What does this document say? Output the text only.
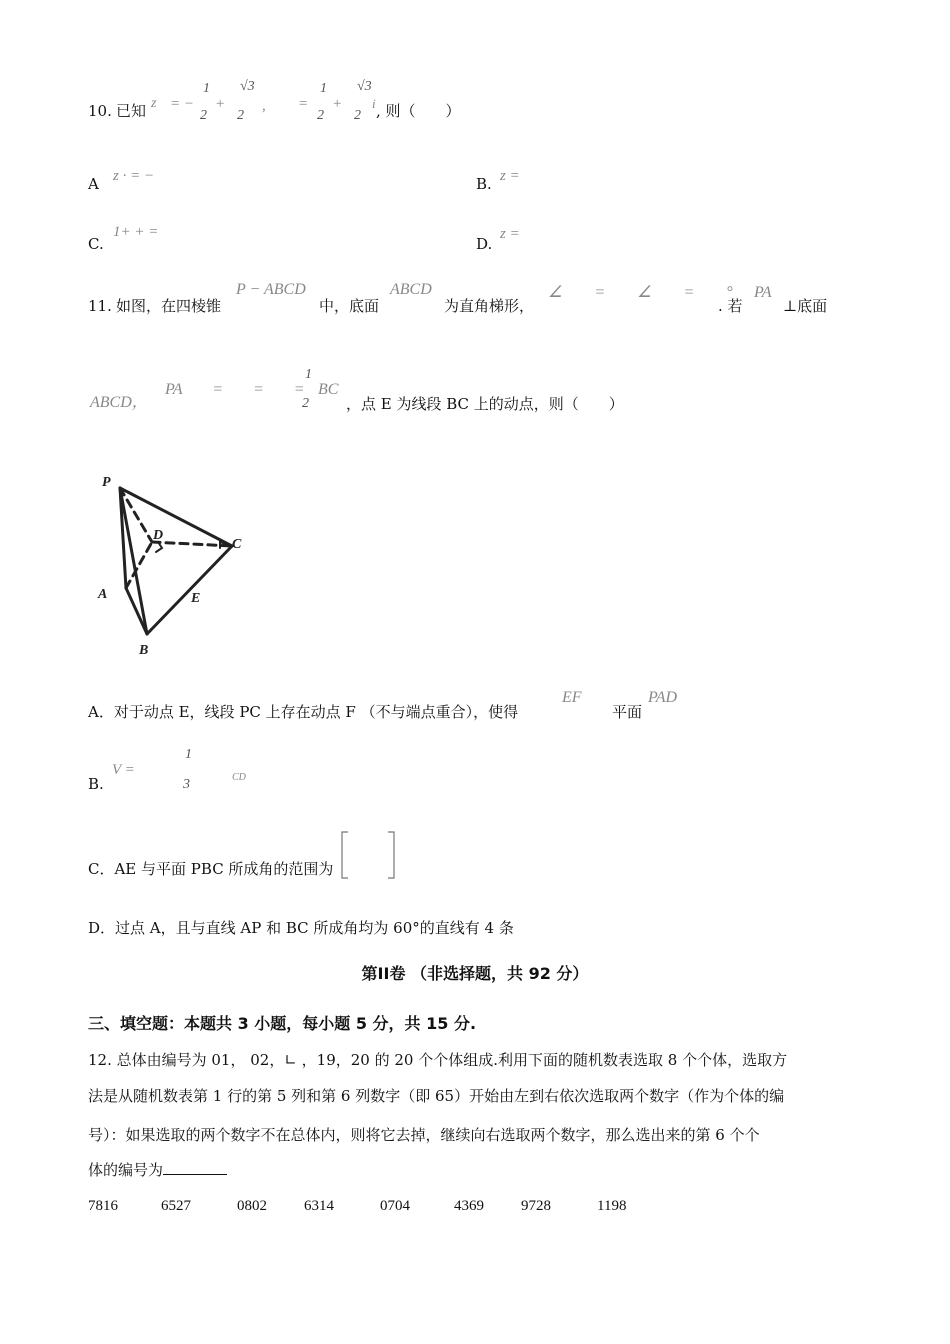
10. 已知 z = −
1
2
+
√3
2
, =
1
2
+
√3
2
i , 则（　　）
A z · = −	B. z =
C.
1+ + =
D.
z =
11. 如图，在四棱锥
P − ABCD
中，底面
ABCD
为直角梯形，
∠ = ∠ = °
. 若
PA
⊥底面
ABCD，
PA = = =
1
2
BC
，点 E 为线段 BC 上的动点，则（　　）
P
D
C
A	E
B
A．对于动点 E，线段 PC 上存在动点 F （不与端点重合），使得
EF
平面
PAD
B.
V =
1
3	CD
C．AE 与平面 PBC 所成角的范围为
D．过点 A，且与直线 AP 和 BC 所成角均为 60°的直线有 4 条
第II卷 （非选择题，共 92 分）
三、填空题：本题共 3 小题，每小题 5 分，共 15 分.
12. 总体由编号为 01， 02，∟ ，19，20 的 20 个个体组成.利用下面的随机数表选取 8 个个体，选取方
法是从随机数表第 1 行的第 5 列和第 6 列数字（即 65）开始由左到右依次选取两个数字（作为个体的编
号）：如果选取的两个数字不在总体内，则将它去掉，继续向右选取两个数字，那么选出来的第 6 个个
体的编号为
7816	6527	0802 6314	0704	4369 9728	1198
